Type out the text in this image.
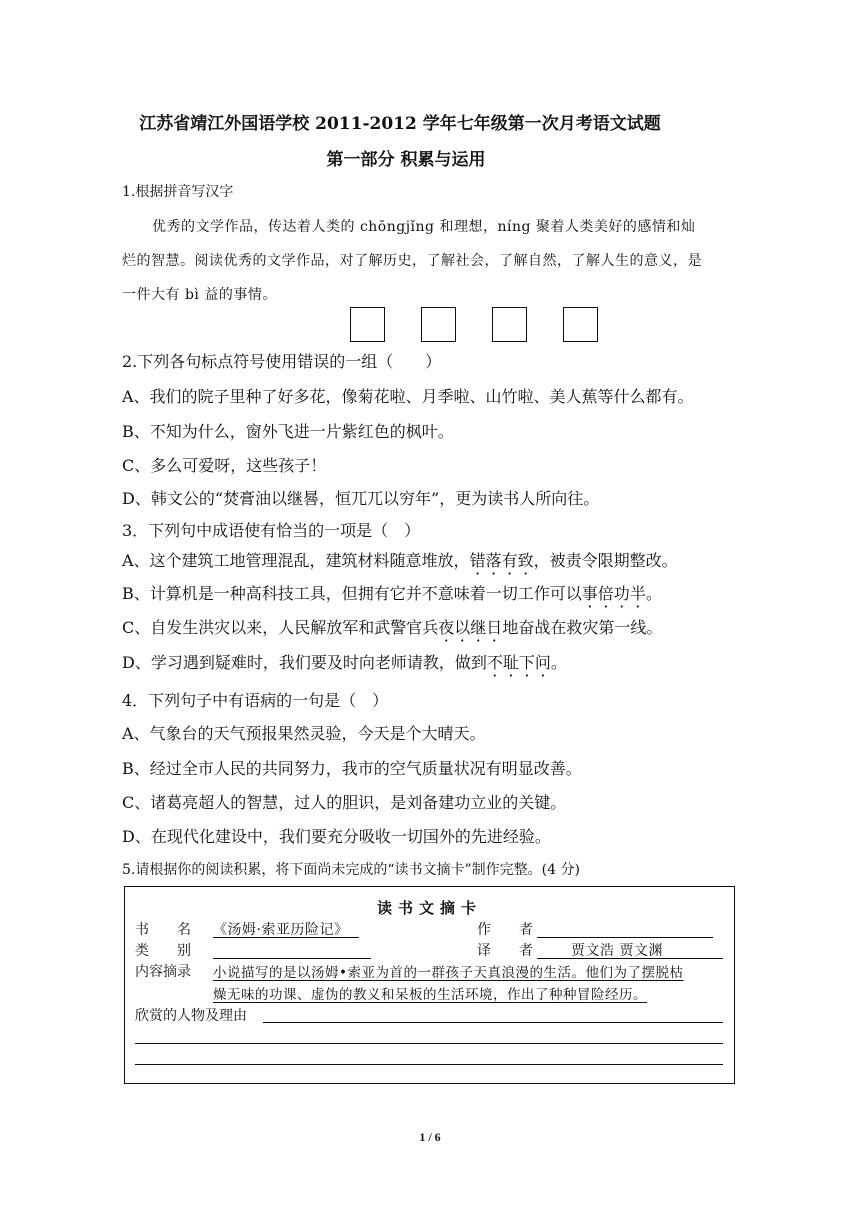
江苏省靖江外国语学校 2011-2012 学年七年级第一次月考语文试题
第一部分 积累与运用
1.根据拼音写汉字
优秀的文学作品，传达着人类的 chōngjǐng 和理想，níng 聚着人类美好的感情和灿
烂的智慧。阅读优秀的文学作品，对了解历史，了解社会，了解自然，了解人生的意义，是
一件大有 bì 益的事情。
2.下列各句标点符号使用错误的一组（　　）
A、我们的院子里种了好多花，像菊花啦、月季啦、山竹啦、美人蕉等什么都有。
B、不知为什么，窗外飞进一片紫红色的枫叶。
C、多么可爱呀，这些孩子！
D、韩文公的“焚膏油以继晷，恒兀兀以穷年”，更为读书人所向往。
3．下列句中成语使有恰当的一项是（　）
A、这个建筑工地管理混乱，建筑材料随意堆放，错落有致，被责令限期整改。
B、计算机是一种高科技工具，但拥有它并不意味着一切工作可以事倍功半。
C、自发生洪灾以来，人民解放军和武警官兵夜以继日地奋战在救灾第一线。
D、学习遇到疑难时，我们要及时向老师请教，做到不耻下问。
4．下列句子中有语病的一句是（　）
A、气象台的天气预报果然灵验，今天是个大晴天。
B、经过全市人民的共同努力，我市的空气质量状况有明显改善。
C、诸葛亮超人的智慧，过人的胆识，是刘备建功立业的关键。
D、在现代化建设中，我们要充分吸收一切国外的先进经验。
5.请根据你的阅读积累，将下面尚未完成的“读书文摘卡”制作完整。(4 分)
读书文摘卡
书　　名 《汤姆·索亚历险记》	作　　者
类　　别	译　　者	贾文浩 贾文渊
内容摘录 小说描写的是以汤姆•索亚为首的一群孩子天真浪漫的生活。他们为了摆脱枯
燥无味的功课、虚伪的教义和呆板的生活环境，作出了种种冒险经历。
欣赏的人物及理由
1 / 6
